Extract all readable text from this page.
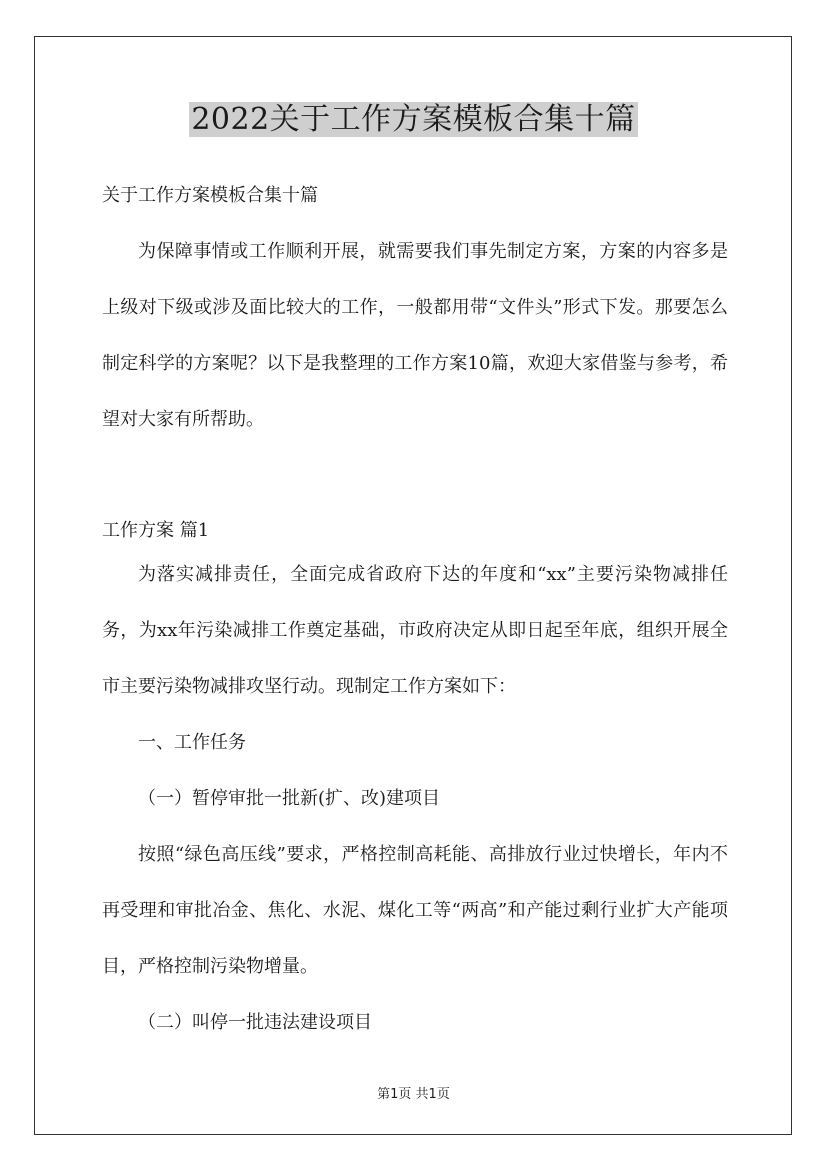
2022关于工作方案模板合集十篇
关于工作方案模板合集十篇

为保障事情或工作顺利开展，就需要我们事先制定方案，方案的内容多是上级对下级或涉及面比较大的工作，一般都用带“文件头”形式下发。那要怎么制定科学的方案呢？以下是我整理的工作方案10篇，欢迎大家借鉴与参考，希望对大家有所帮助。

工作方案 篇1

为落实减排责任，全面完成省政府下达的年度和“xx”主要污染物减排任务，为xx年污染减排工作奠定基础，市政府决定从即日起至年底，组织开展全市主要污染物减排攻坚行动。现制定工作方案如下：

一、工作任务

（一）暂停审批一批新(扩、改)建项目

按照“绿色高压线”要求，严格控制高耗能、高排放行业过快增长，年内不再受理和审批冶金、焦化、水泥、煤化工等“两高”和产能过剩行业扩大产能项目，严格控制污染物增量。

（二）叫停一批违法建设项目

第1页 共1页
